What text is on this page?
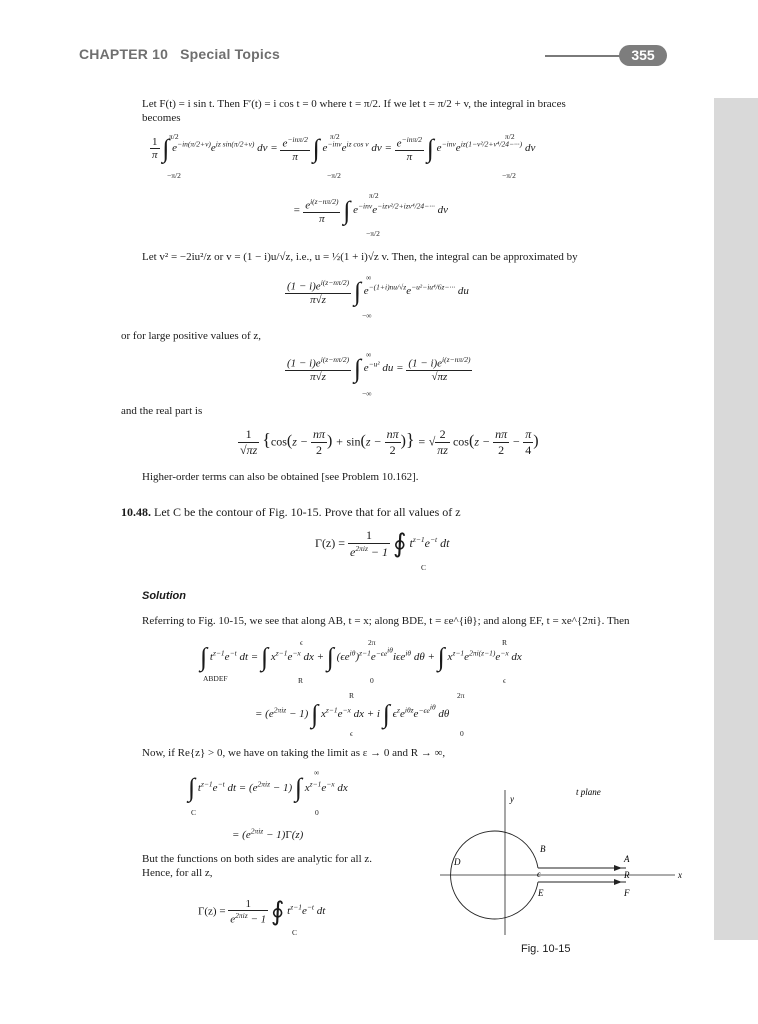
CHAPTER 10 Special Topics	355
Let F(t) = i sin t. Then F′(t) = i cos t = 0 where t = π/2. If we let t = π/2 + v, the integral in braces
becomes
$\frac{1}{\pi}$ ∫ $e^{-in(\pi/2+v)}e^{iz sin(\pi/2+v)}$ dv = $\frac{e^{-in\pi/2}}{\pi}$ ∫ $e^{-inv}e^{iz cos v}$ dv = $\frac{e^{-in\pi/2}}{\pi}$ ∫ $e^{-inv}e^{iz(1-v^2/2+v^4/24-\cdot\cdot\cdot)}$ dv
π/2
−π/2
π/2
−π/2
π/2
−π/2
= $\frac{e^{i(z-n\pi/2)}}{\pi}$ ∫ $e^{-inv}e^{-izv^2/2+izv^4/24-\cdot\cdot\cdot}$ dv
π/2
−π/2
Let v² = −2iu²/z or v = (1 − i)u/√z, i.e., u = ½(1 + i)√z v. Then, the integral can be approximated by
$\frac{(1 - i)e^{i(z-n\pi/2)}}{\pi√z}$ ∫ $e^{-(1+i)nu/√z}e^{-u^2-iu^4/6z-\cdot\cdot\cdot}$ du
∞
−∞
or for large positive values of z,
$\frac{(1 - i)e^{i(z-n\pi/2)}}{\pi√z}$ ∫ $e^{-u^2}$ du = $\frac{(1 - i)e^{i(z-n\pi/2)}}{√\pi z}$
∞
−∞
and the real part is
$\frac{1}{√\pi z} \{\cos(z - \frac{n\pi}{2}$ ) + $\sin(z - \frac{n\pi}{2}$ )} = √ $\frac{2}{\pi z} \cos(z - \frac{n\pi}{2} - \frac{\pi}{4}$ )
Higher-order terms can also be obtained [see Problem 10.162].
10.48. Let C be the contour of Fig. 10-15. Prove that for all values of z
$\Gamma(z) = \frac{1}{e^{2\pi iz} - 1}$ ∮ $t^{z-1}e^{-t}$ dt
C
Solution
Referring to Fig. 10-15, we see that along AB, t = x; along BDE, t = εe^{iθ}; and along EF, t = xe^{2πi}. Then
∫ $t^{z-1}e^{-t}$ dt = ∫ $x^{z-1}e^{-x}$ dx + ∫ $(\epsilon e^{i\theta})^{z-1}e^{-\epsilon e^{i\theta}}i\epsilon e^{i\theta}$ dθ + ∫ $x^{z-1}e^{2\pi i(z-1)}e^{-x}$ dx
ABDEF
ϵ
R
2π
0
R
ϵ
= $(e^{2\pi iz} - 1)$ ∫ $x^{z-1}e^{-x}$ dx + i ∫ $\epsilon^ze^{i\theta z}e^{-\epsilon e^{i\theta}}$ dθ
R
ϵ
2π
0
Now, if Re{z} > 0, we have on taking the limit as ε → 0 and R → ∞,
∫ $t^{z-1}e^{-t}$ dt = $(e^{2\pi iz} - 1)$ ∫ $x^{z-1}e^{-x}$ dx
C
∞
0
= $(e^{2\pi iz} - 1)\Gamma(z)$
But the functions on both sides are analytic for all z.
Hence, for all z,
$\Gamma(z) = \frac{1}{e^{2\pi iz} - 1}$ ∮ $t^{z-1}e^{-t}$ dt
C
1/
t plane
y
x
A
B
D
E	F
R
ϵ
Fig. 10-15
